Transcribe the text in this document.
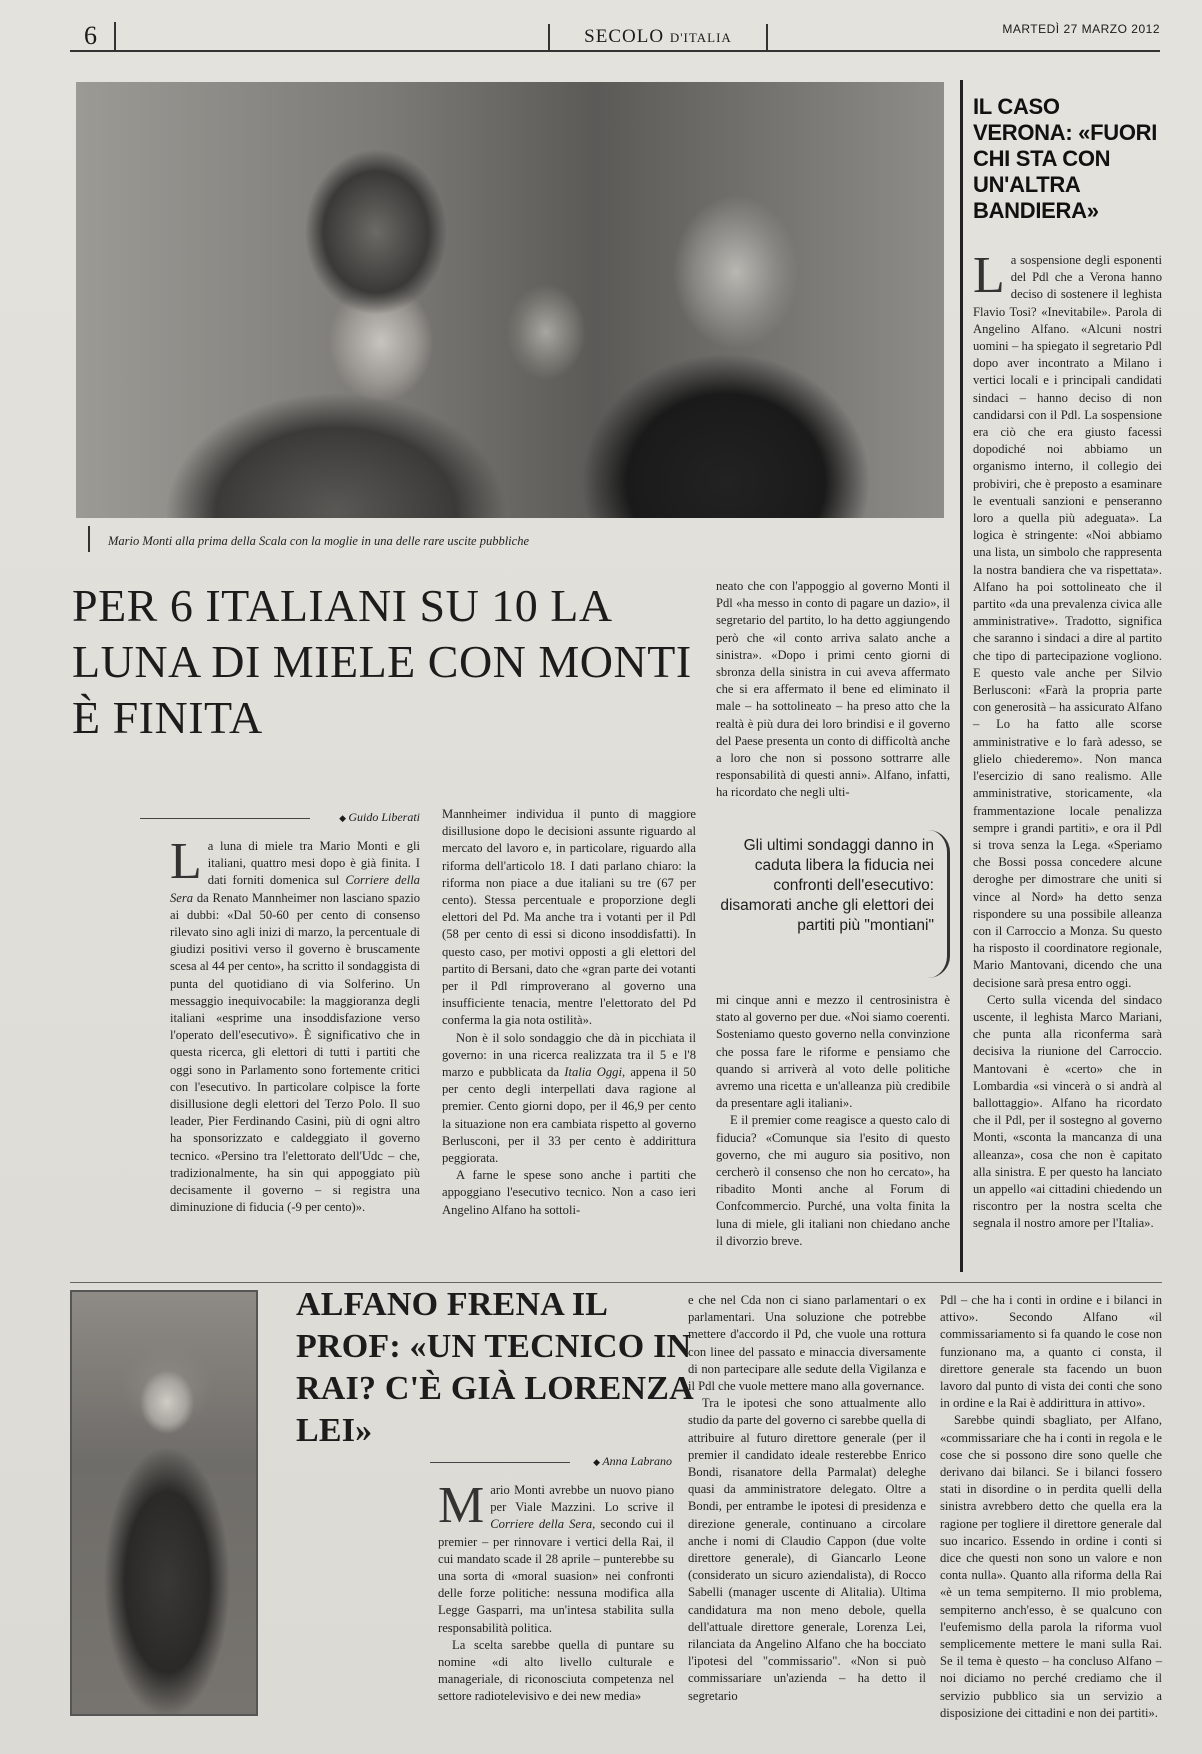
6	SECOLO D'ITALIA
MARTEDÌ 27 MARZO 2012
Mario Monti alla prima della Scala con la moglie in una delle rare uscite pubbliche
IL CASO VERONA: «FUORI CHI STA CON UN'ALTRA BANDIERA»

La sospensione degli esponenti del Pdl che a Verona hanno deciso di sostenere il leghista Flavio Tosi? «Inevitabile». Parola di Angelino Alfano. «Alcuni nostri uomini – ha spiegato il segretario Pdl dopo aver incontrato a Milano i vertici locali e i principali candidati sindaci – hanno deciso di non candidarsi con il Pdl. La sospensione era ciò che era giusto facessi dopodiché noi abbiamo un organismo interno, il collegio dei probiviri, che è preposto a esaminare le eventuali sanzioni e penseranno loro a quella più adeguata». La logica è stringente: «Noi abbiamo una lista, un simbolo che rappresenta la nostra bandiera che va rispettata». Alfano ha poi sottolineato che il partito «da una prevalenza civica alle amministrative». Tradotto, significa che saranno i sindaci a dire al partito che tipo di partecipazione vogliono. E questo vale anche per Silvio Berlusconi: «Farà la propria parte con generosità – ha assicurato Alfano – Lo ha fatto alle scorse amministrative e lo farà adesso, se glielo chiederemo». Non manca l'esercizio di sano realismo. Alle amministrative, storicamente, «la frammentazione locale penalizza sempre i grandi partiti», e ora il Pdl si trova senza la Lega. «Speriamo che Bossi possa concedere alcune deroghe per dimostrare che uniti si vince al Nord» ha detto senza rispondere su una possibile alleanza con il Carroccio a Monza. Su questo ha risposto il coordinatore regionale, Mario Mantovani, dicendo che una decisione sarà presa entro oggi.

Certo sulla vicenda del sindaco uscente, il leghista Marco Mariani, che punta alla riconferma sarà decisiva la riunione del Carroccio. Mantovani è «certo» che in Lombardia «si vincerà o si andrà al ballottaggio». Alfano ha ricordato che il Pdl, per il sostegno al governo Monti, «sconta la mancanza di una alleanza», cosa che non è capitato alla sinistra. E per questo ha lanciato un appello «ai cittadini chiedendo un riscontro per la nostra scelta che segnala il nostro amore per l'Italia».

PER 6 ITALIANI SU 10 LA LUNA DI MIELE CON MONTI È FINITA
◆ Guido Liberati

La luna di miele tra Mario Monti e gli italiani, quattro mesi dopo è già finita. I dati forniti domenica sul Corriere della Sera da Renato Mannheimer non lasciano spazio ai dubbi: «Dal 50-60 per cento di consenso rilevato sino agli inizi di marzo, la percentuale di giudizi positivi verso il governo è bruscamente scesa al 44 per cento», ha scritto il sondaggista di punta del quotidiano di via Solferino. Un messaggio inequivocabile: la maggioranza degli italiani «esprime una insoddisfazione verso l'operato dell'esecutivo». È significativo che in questa ricerca, gli elettori di tutti i partiti che oggi sono in Parlamento sono fortemente critici con l'esecutivo. In particolare colpisce la forte disillusione degli elettori del Terzo Polo. Il suo leader, Pier Ferdinando Casini, più di ogni altro ha sponsorizzato e caldeggiato il governo tecnico. «Persino tra l'elettorato dell'Udc – che, tradizionalmente, ha sin qui appoggiato più decisamente il governo – si registra una diminuzione di fiducia (-9 per cento)».

Mannheimer individua il punto di maggiore disillusione dopo le decisioni assunte riguardo al mercato del lavoro e, in particolare, riguardo alla riforma dell'articolo 18. I dati parlano chiaro: la riforma non piace a due italiani su tre (67 per cento). Stessa percentuale e proporzione degli elettori del Pd. Ma anche tra i votanti per il Pdl (58 per cento di essi si dicono insoddisfatti). In questo caso, per motivi opposti a gli elettori del partito di Bersani, dato che «gran parte dei votanti per il Pdl rimproverano al governo una insufficiente tenacia, mentre l'elettorato del Pd conferma la gia nota ostilità».

Non è il solo sondaggio che dà in picchiata il governo: in una ricerca realizzata tra il 5 e l'8 marzo e pubblicata da Italia Oggi, appena il 50 per cento degli interpellati dava ragione al premier. Cento giorni dopo, per il 46,9 per cento la situazione non era cambiata rispetto al governo Berlusconi, per il 33 per cento è addirittura peggiorata.

A farne le spese sono anche i partiti che appoggiano l'esecutivo tecnico. Non a caso ieri Angelino Alfano ha sottoli-

neato che con l'appoggio al governo Monti il Pdl «ha messo in conto di pagare un dazio», il segretario del partito, lo ha detto aggiungendo però che «il conto arriva salato anche a sinistra». «Dopo i primi cento giorni di sbronza della sinistra in cui aveva affermato che si era affermato il bene ed eliminato il male – ha sottolineato – ha preso atto che la realtà è più dura dei loro brindisi e il governo del Paese presenta un conto di difficoltà anche a loro che non si possono sottrarre alle responsabilità di questi anni». Alfano, infatti, ha ricordato che negli ulti-

Gli ultimi sondaggi danno in caduta libera la fiducia nei confronti dell'esecutivo: disamorati anche gli elettori dei partiti più "montiani"

mi cinque anni e mezzo il centrosinistra è stato al governo per due. «Noi siamo coerenti. Sosteniamo questo governo nella convinzione che possa fare le riforme e pensiamo che quando si arriverà al voto delle politiche avremo una ricetta e un'alleanza più credibile da presentare agli italiani».

E il premier come reagisce a questo calo di fiducia? «Comunque sia l'esito di questo governo, che mi auguro sia positivo, non cercherò il consenso che non ho cercato», ha ribadito Monti anche al Forum di Confcommercio. Purché, una volta finita la luna di miele, gli italiani non chiedano anche il divorzio breve.

ALFANO FRENA IL PROF: «UN TECNICO IN RAI? C'È GIÀ LORENZA LEI»
◆ Anna Labrano

Mario Monti avrebbe un nuovo piano per Viale Mazzini. Lo scrive il Corriere della Sera, secondo cui il premier – per rinnovare i vertici della Rai, il cui mandato scade il 28 aprile – punterebbe su una sorta di «moral suasion» nei confronti delle forze politiche: nessuna modifica alla Legge Gasparri, ma un'intesa stabilita sulla responsabilità politica.

La scelta sarebbe quella di puntare su nomine «di alto livello culturale e manageriale, di riconosciuta competenza nel settore radiotelevisivo e dei new media»

e che nel Cda non ci siano parlamentari o ex parlamentari. Una soluzione che potrebbe mettere d'accordo il Pd, che vuole una rottura con linee del passato e minaccia diversamente di non partecipare alle sedute della Vigilanza e il Pdl che vuole mettere mano alla governance.

Tra le ipotesi che sono attualmente allo studio da parte del governo ci sarebbe quella di attribuire al futuro direttore generale (per il premier il candidato ideale resterebbe Enrico Bondi, risanatore della Parmalat) deleghe quasi da amministratore delegato. Oltre a Bondi, per entrambe le ipotesi di presidenza e direzione generale, continuano a circolare anche i nomi di Claudio Cappon (due volte direttore generale), di Giancarlo Leone (considerato un sicuro aziendalista), di Rocco Sabelli (manager uscente di Alitalia). Ultima candidatura ma non meno debole, quella dell'attuale direttore generale, Lorenza Lei, rilanciata da Angelino Alfano che ha bocciato l'ipotesi del "commissario". «Non si può commissariare un'azienda – ha detto il segretario

Pdl – che ha i conti in ordine e i bilanci in attivo». Secondo Alfano «il commissariamento si fa quando le cose non funzionano ma, a quanto ci consta, il direttore generale sta facendo un buon lavoro dal punto di vista dei conti che sono in ordine e la Rai è addirittura in attivo».

Sarebbe quindi sbagliato, per Alfano, «commissariare che ha i conti in regola e le cose che si possono dire sono quelle che derivano dai bilanci. Se i bilanci fossero stati in disordine o in perdita quelli della sinistra avrebbero detto che quella era la ragione per togliere il direttore generale dal suo incarico. Essendo in ordine i conti si dice che questi non sono un valore e non conta nulla». Quanto alla riforma della Rai «è un tema sempiterno. Il mio problema, sempiterno anch'esso, è se qualcuno con l'eufemismo della parola la riforma vuol semplicemente mettere le mani sulla Rai. Se il tema è questo – ha concluso Alfano – noi diciamo no perché crediamo che il servizio pubblico sia un servizio a disposizione dei cittadini e non dei partiti».
